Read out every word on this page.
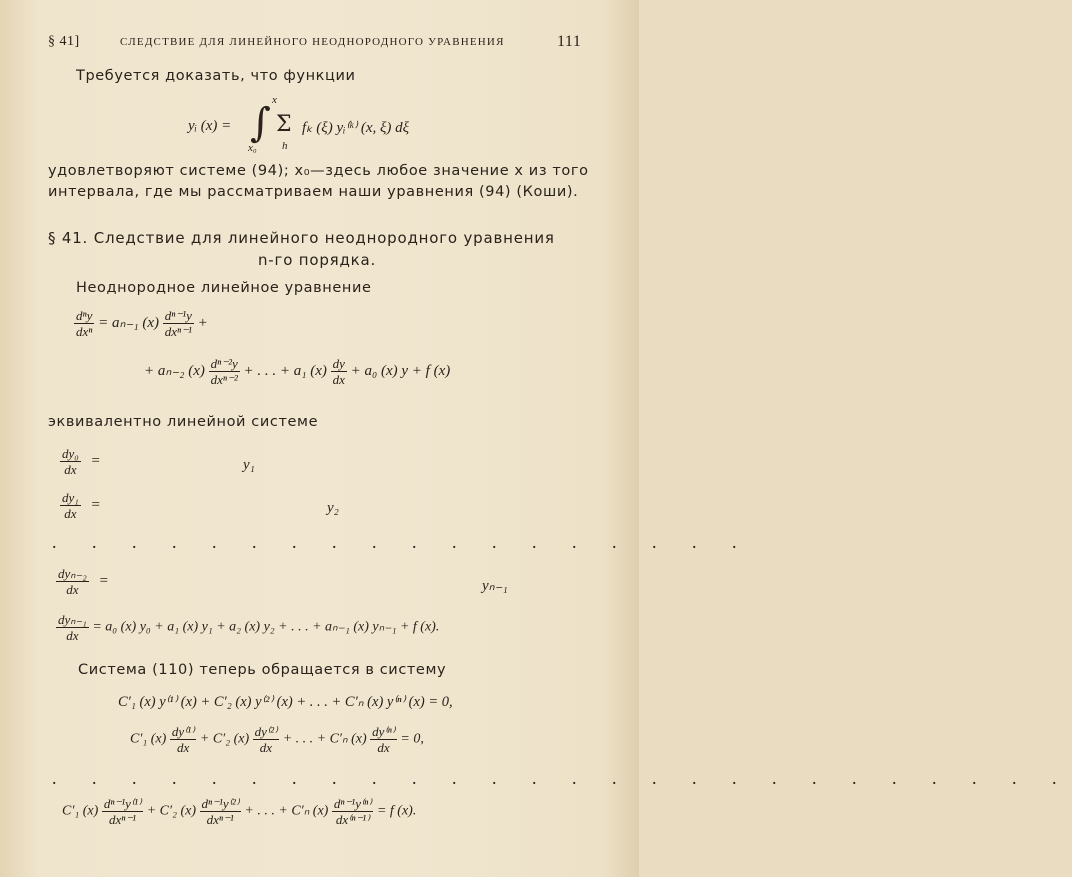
§ 41]	СЛЕДСТВИЕ ДЛЯ ЛИНЕЙНОГО НЕОДНОРОДНОГО УРАВНЕНИЯ	111
Требуется доказать, что функции
yᵢ (x) = ∫ x
x₀
Σ
h
fₖ (ξ) yᵢ⁽ᵏ⁾ (x, ξ) dξ
удовлетворяют системе (94); x₀—здесь любое значение x из того
интервала, где мы рассматриваем наши уравнения (94) (Коши).
§ 41. Следствие для линейного неоднородного уравнения
n-го порядка.
Неоднородное линейное уравнение
$\frac{\text{dⁿy}}{\text{dxⁿ}} = a_{n-1}$ $(x) \frac{\text{dⁿ⁻¹y}}{\text{dxⁿ⁻¹}}$ +
+ aₙ₋₂ $(x) \frac{\text{dⁿ⁻²y}}{\text{dxⁿ⁻²}}$ + . . . + a₁ $(x) \frac{dy}{dx} + a_0$ (x) y + f (x)
эквивалентно линейной системе
$\frac{\text{dy₀}}{dx}$ =	y₁
$\frac{\text{dy₁}}{dx}$ =	y₂
. . . . . . . . . . . . . . . . . .
$\frac{\text{dyₙ₋₂}}{dx}$ =	yₙ₋₁
$\frac{\text{dyₙ₋₁}}{dx} = a_0$ (x) y₀ + a₁ (x) y₁ + a₂ (x) y₂ + . . . + aₙ₋₁ (x) yₙ₋₁ + f (x).
Система (110) теперь обращается в систему
C′₁ (x) y⁽¹⁾ (x) + C′₂ (x) y⁽²⁾ (x) + . . . + C′ₙ (x) y⁽ⁿ⁾ (x) = 0,
C′₁ $(x) \frac{\text{dy⁽¹⁾}}{dx} + C'_2$ $(x) \frac{\text{dy⁽²⁾}}{dx}$ + . . . + C′ₙ $(x) \frac{\text{dy⁽ⁿ⁾}}{dx} = 0$,
. . . . . . . . . . . . . . . . . . . . . . . . . .
C′₁ $(x) \frac{\text{dⁿ⁻¹y⁽¹⁾}}{\text{dxⁿ⁻¹}} + C'_2$ $(x) \frac{\text{dⁿ⁻¹y⁽²⁾}}{\text{dxⁿ⁻¹}}$ + . . . + C′ₙ $(x) \frac{\text{dⁿ⁻¹y⁽ⁿ⁾}}{\text{dx⁽ⁿ⁻¹⁾}} = f$ (x).
